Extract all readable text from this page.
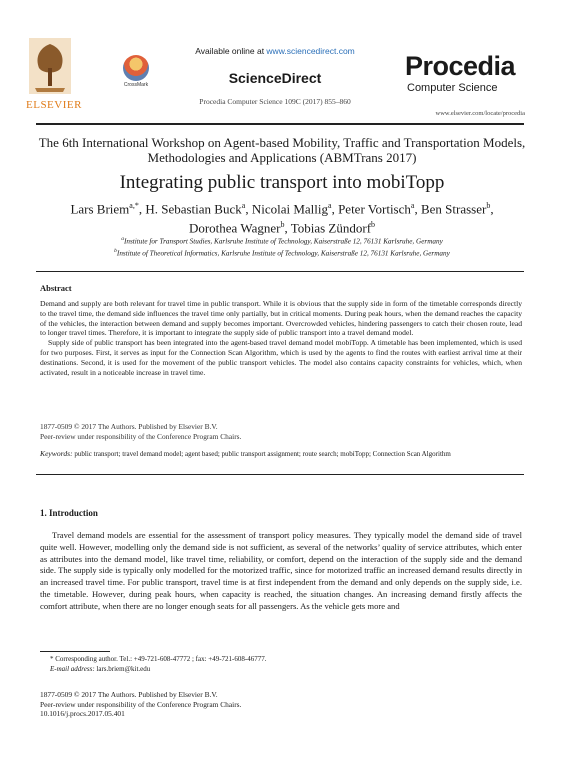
ELSEVIER
CrossMark
Available online at www.sciencedirect.com
ScienceDirect
Procedia Computer Science 109C (2017) 855–860
Procedia
Computer Science
www.elsevier.com/locate/procedia
The 6th International Workshop on Agent-based Mobility, Traffic and Transportation Models, Methodologies and Applications (ABMTrans 2017)
Integrating public transport into mobiTopp
Lars Briem$^{a,*}$, H. Sebastian Buck$^a$, Nicolai Mallig$^a$, Peter Vortisch$^a$, Ben Strasser$^b$,
Dorothea Wagner$^b$, Tobias Zündorf$^b$
$^a$Institute for Transport Studies, Karlsruhe Institute of Technology, Kaiserstraße 12, 76131 Karlsruhe, Germany
$^b$Institute of Theoretical Informatics, Karlsruhe Institute of Technology, Kaiserstraße 12, 76131 Karlsruhe, Germany
Abstract

Demand and supply are both relevant for travel time in public transport. While it is obvious that the supply side in form of the timetable corresponds directly to the travel time, the demand side influences the travel time only partially, but in critical moments. During peak hours, when the demand reaches the capacity of the vehicles, the interaction between demand and supply becomes important. Overcrowded vehicles, hindering passengers to catch their chosen route, lead to longer travel times. Therefore, it is important to integrate the supply side of public transport into a travel demand model.

Supply side of public transport has been integrated into the agent-based travel demand model mobiTopp. A timetable has been implemented, which is used for two purposes. First, it serves as input for the Connection Scan Algorithm, which is used by the agents to find the routes with earliest arrival time at their destinations. Second, it is used for the movement of the public transport vehicles. The model also contains capacity constraints for vehicles, which, when activated, result in a noticeable increase in travel time.

1877-0509 © 2017 The Authors. Published by Elsevier B.V.
Peer-review under responsibility of the Conference Program Chairs.
Keywords: public transport; travel demand model; agent based; public transport assignment; route search; mobiTopp; Connection Scan Algorithm
1. Introduction
Travel demand models are essential for the assessment of transport policy measures. They typically model the demand side of travel quite well. However, modelling only the demand side is not sufficient, as several of the networks’ quality of service attributes, which enter as attributes into the demand model, like travel time, reliability, or comfort, depend on the interaction of the supply side and the demand side. The supply side is typically only modelled for the motorized traffic, since for motorized traffic an increased demand results directly in an increased travel time. For public transport, travel time is at first independent from the demand and only depends on the supply side, i.e. the timetable. However, during peak hours, when capacity is reached, the situation changes. An increasing demand firstly affects the comfort attribute, when there are no longer enough seats for all passengers. As the vehicle gets more and
* Corresponding author. Tel.: +49-721-608-47772 ; fax: +49-721-608-46777.
E-mail address: lars.briem@kit.edu
1877-0509 © 2017 The Authors. Published by Elsevier B.V.
Peer-review under responsibility of the Conference Program Chairs.
10.1016/j.procs.2017.05.401
